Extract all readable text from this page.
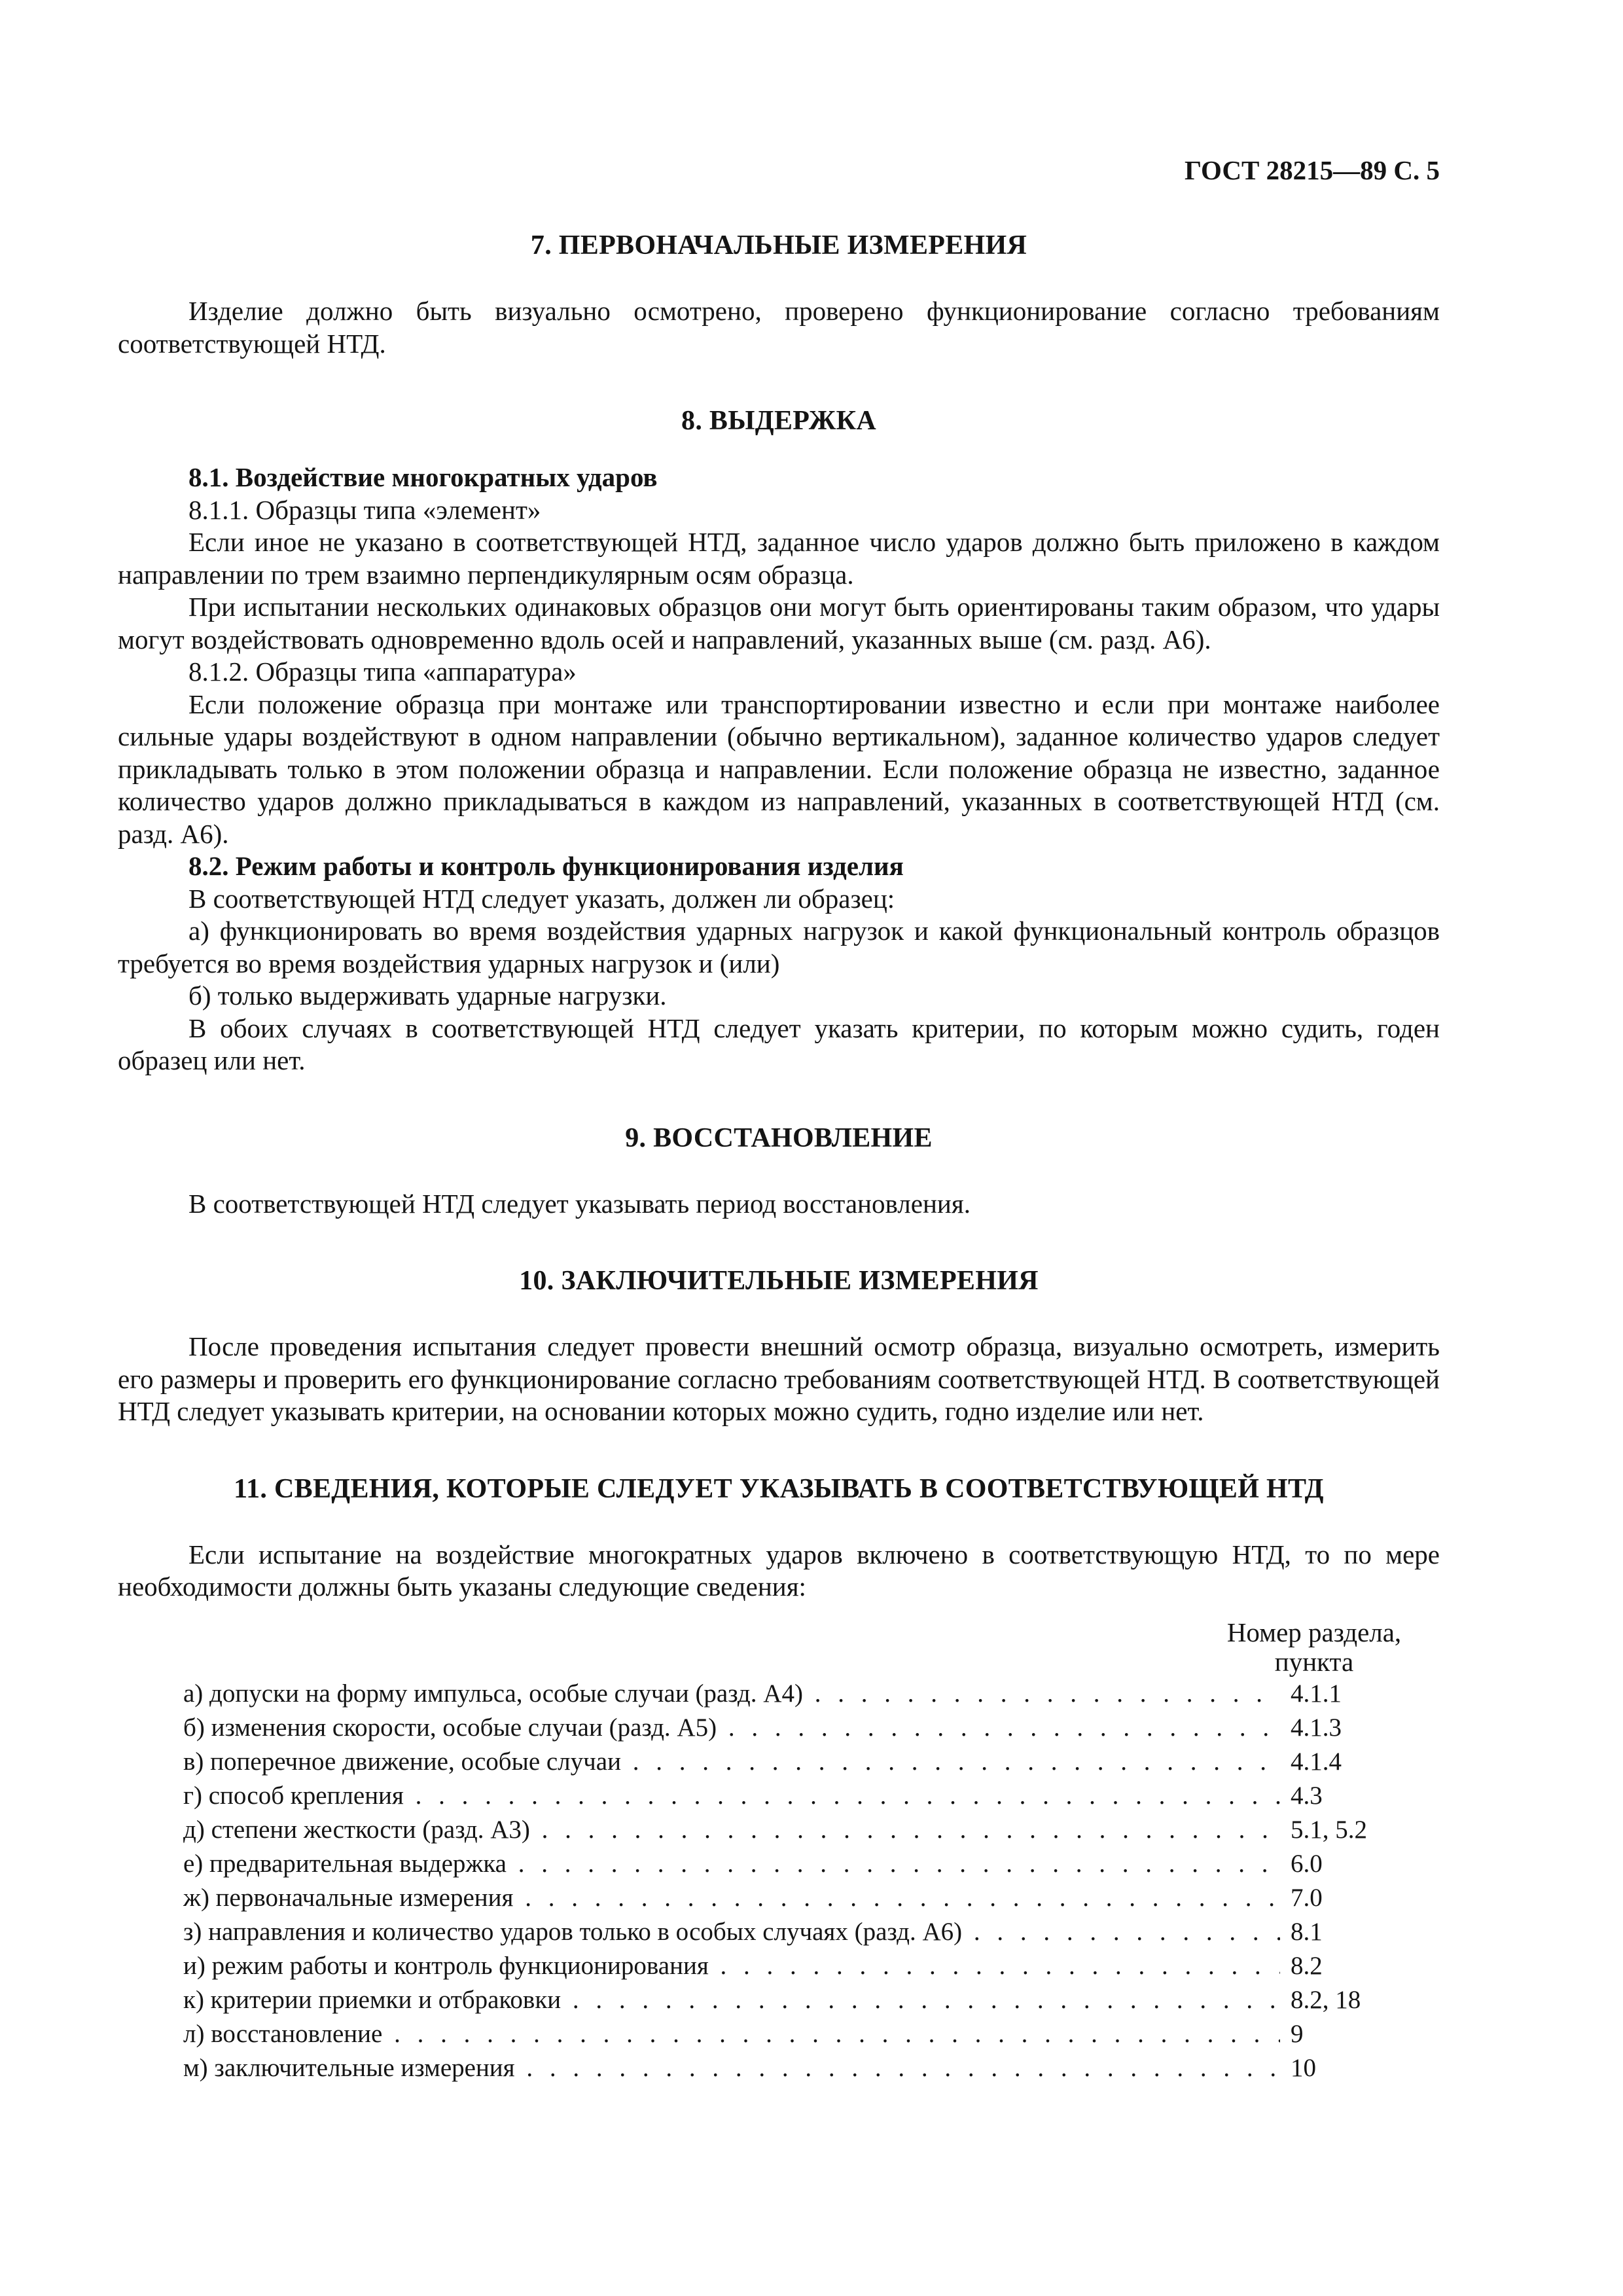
ГОСТ 28215—89 С. 5
7. ПЕРВОНАЧАЛЬНЫЕ ИЗМЕРЕНИЯ

Изделие должно быть визуально осмотрено, проверено функционирование согласно требованиям соответствующей НТД.

8. ВЫДЕРЖКА

8.1. Воздействие многократных ударов

8.1.1. Образцы типа «элемент»

Если иное не указано в соответствующей НТД, заданное число ударов должно быть приложено в каждом направлении по трем взаимно перпендикулярным осям образца.

При испытании нескольких одинаковых образцов они могут быть ориентированы таким образом, что удары могут воздействовать одновременно вдоль осей и направлений, указанных выше (см. разд. А6).

8.1.2. Образцы типа «аппаратура»

Если положение образца при монтаже или транспортировании известно и если при монтаже наиболее сильные удары воздействуют в одном направлении (обычно вертикальном), заданное количество ударов следует прикладывать только в этом положении образца и направлении. Если положение образца не известно, заданное количество ударов должно прикладываться в каждом из направлений, указанных в соответствующей НТД (см. разд. А6).

8.2. Режим работы и контроль функционирования изделия

В соответствующей НТД следует указать, должен ли образец:

а) функционировать во время воздействия ударных нагрузок и какой функциональный контроль образцов требуется во время воздействия ударных нагрузок и (или)

б) только выдерживать ударные нагрузки.

В обоих случаях в соответствующей НТД следует указать критерии, по которым можно судить, годен образец или нет.

9. ВОССТАНОВЛЕНИЕ

В соответствующей НТД следует указывать период восстановления.

10. ЗАКЛЮЧИТЕЛЬНЫЕ ИЗМЕРЕНИЯ

После проведения испытания следует провести внешний осмотр образца, визуально осмотреть, измерить его размеры и проверить его функционирование согласно требованиям соответствующей НТД. В соответствующей НТД следует указывать критерии, на основании которых можно судить, годно изделие или нет.

11. СВЕДЕНИЯ, КОТОРЫЕ СЛЕДУЕТ УКАЗЫВАТЬ В СООТВЕТСТВУЮЩЕЙ НТД

Если испытание на воздействие многократных ударов включено в соответствующую НТД, то по мере необходимости должны быть указаны следующие сведения:

Номер раздела,
пункта
а) допуски на форму импульса, особые случаи (разд. А4) . . .	4.1.1
б) изменения скорости, особые случаи (разд. А5) . . .	4.1.3
в) поперечное движение, особые случаи . . .	4.1.4
г) способ крепления . . .	4.3
д) степени жесткости (разд. А3) . . .	5.1, 5.2
е) предварительная выдержка . . .	6.0
ж) первоначальные измерения . . .	7.0
з) направления и количество ударов только в особых случаях (разд. А6) . . .	8.1
и) режим работы и контроль функционирования . . .	8.2
к) критерии приемки и отбраковки . . .	8.2, 18
л) восстановление . . .	9
м) заключительные измерения . . .	10
